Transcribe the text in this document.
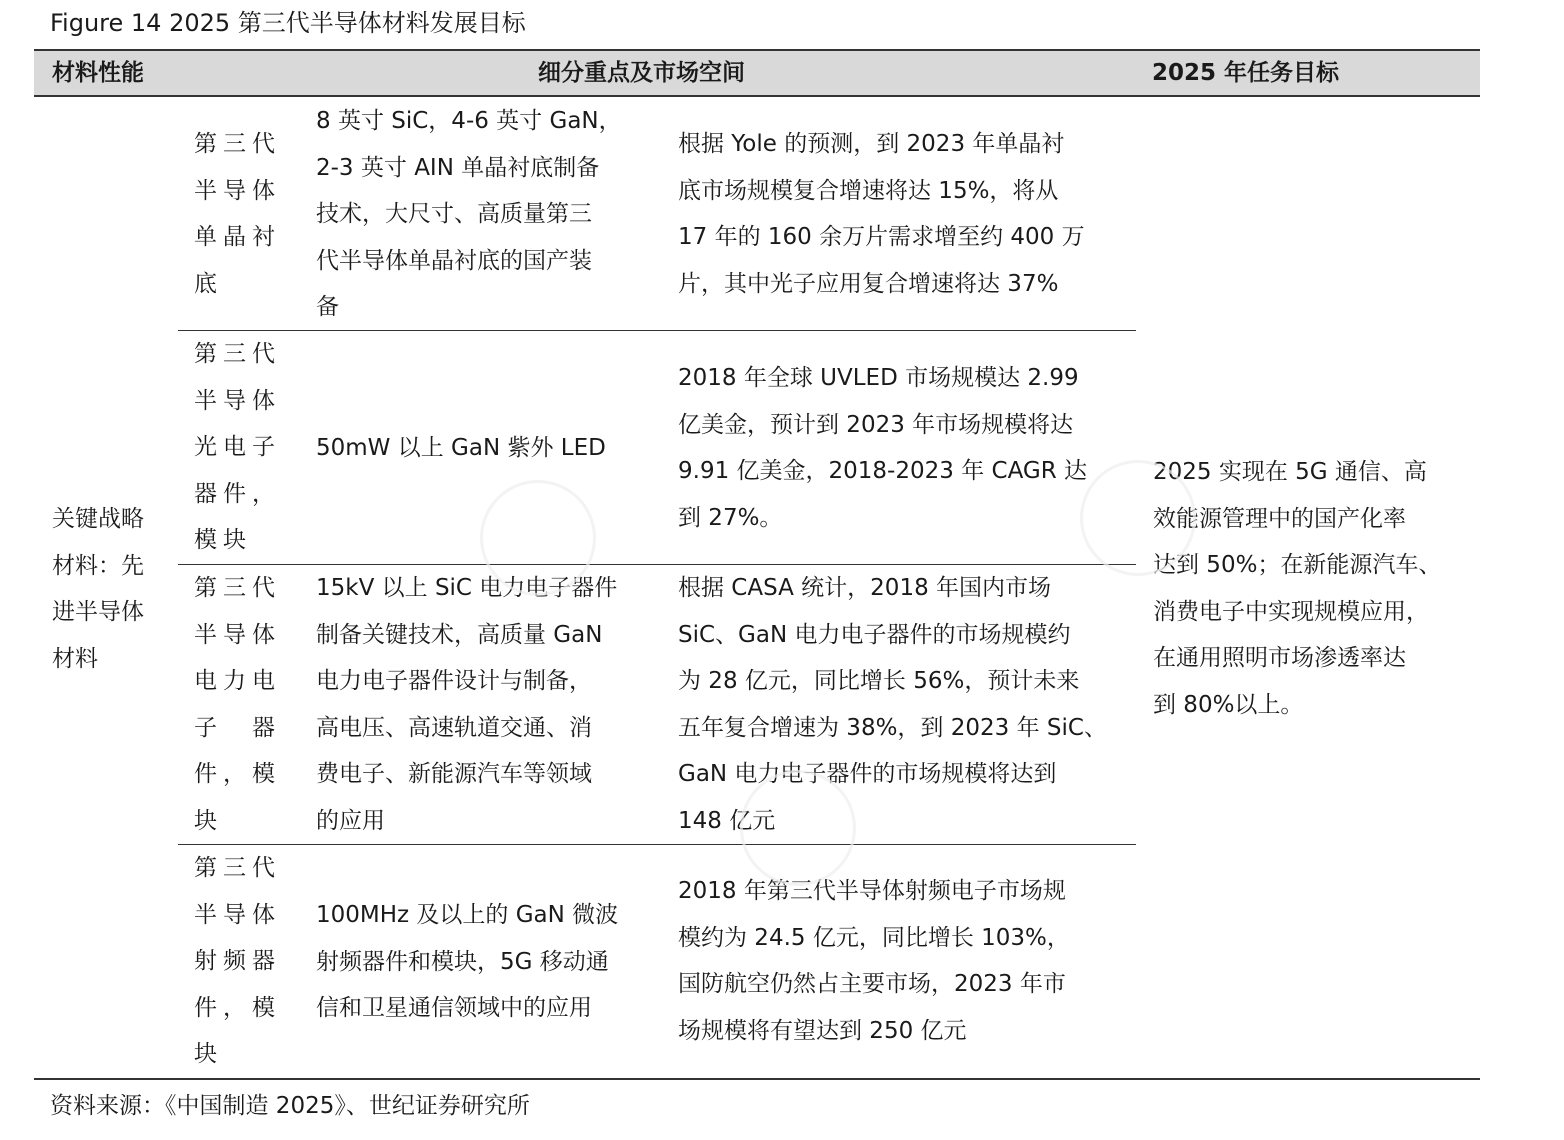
Figure 14 2025 第三代半导体材料发展目标
材料性能	细分重点及市场空间	2025 年任务目标
关键战略
材料：先
进半导体
材料
第三代
半导体
单晶衬
底
8 英寸 SiC，4-6 英寸 GaN，
2-3 英寸 AIN 单晶衬底制备
技术，大尺寸、高质量第三
代半导体单晶衬底的国产装
备
根据 Yole 的预测，到 2023 年单晶衬
底市场规模复合增速将达 15%，将从
17 年的 160 余万片需求增至约 400 万
片，其中光子应用复合增速将达 37%
第三代
半导体
光电子
器件，
模块
50mW 以上 GaN 紫外 LED
2018 年全球 UVLED 市场规模达 2.99
亿美金，预计到 2023 年市场规模将达
9.91 亿美金，2018-2023 年 CAGR 达
到 27%。
第三代
半导体
电力电
子　器
件，模
块
15kV 以上 SiC 电力电子器件
制备关键技术，高质量 GaN
电力电子器件设计与制备，
高电压、高速轨道交通、消
费电子、新能源汽车等领域
的应用
根据 CASA 统计，2018 年国内市场
SiC、GaN 电力电子器件的市场规模约
为 28 亿元，同比增长 56%，预计未来
五年复合增速为 38%，到 2023 年 SiC、
GaN 电力电子器件的市场规模将达到
148 亿元
第三代
半导体
射频器
件，模
块
100MHz 及以上的 GaN 微波
射频器件和模块，5G 移动通
信和卫星通信领域中的应用
2018 年第三代半导体射频电子市场规
模约为 24.5 亿元，同比增长 103%，
国防航空仍然占主要市场，2023 年市
场规模将有望达到 250 亿元
2025 实现在 5G 通信、高
效能源管理中的国产化率
达到 50%；在新能源汽车、
消费电子中实现规模应用，
在通用照明市场渗透率达
到 80%以上。
资料来源：《中国制造 2025》、世纪证券研究所
